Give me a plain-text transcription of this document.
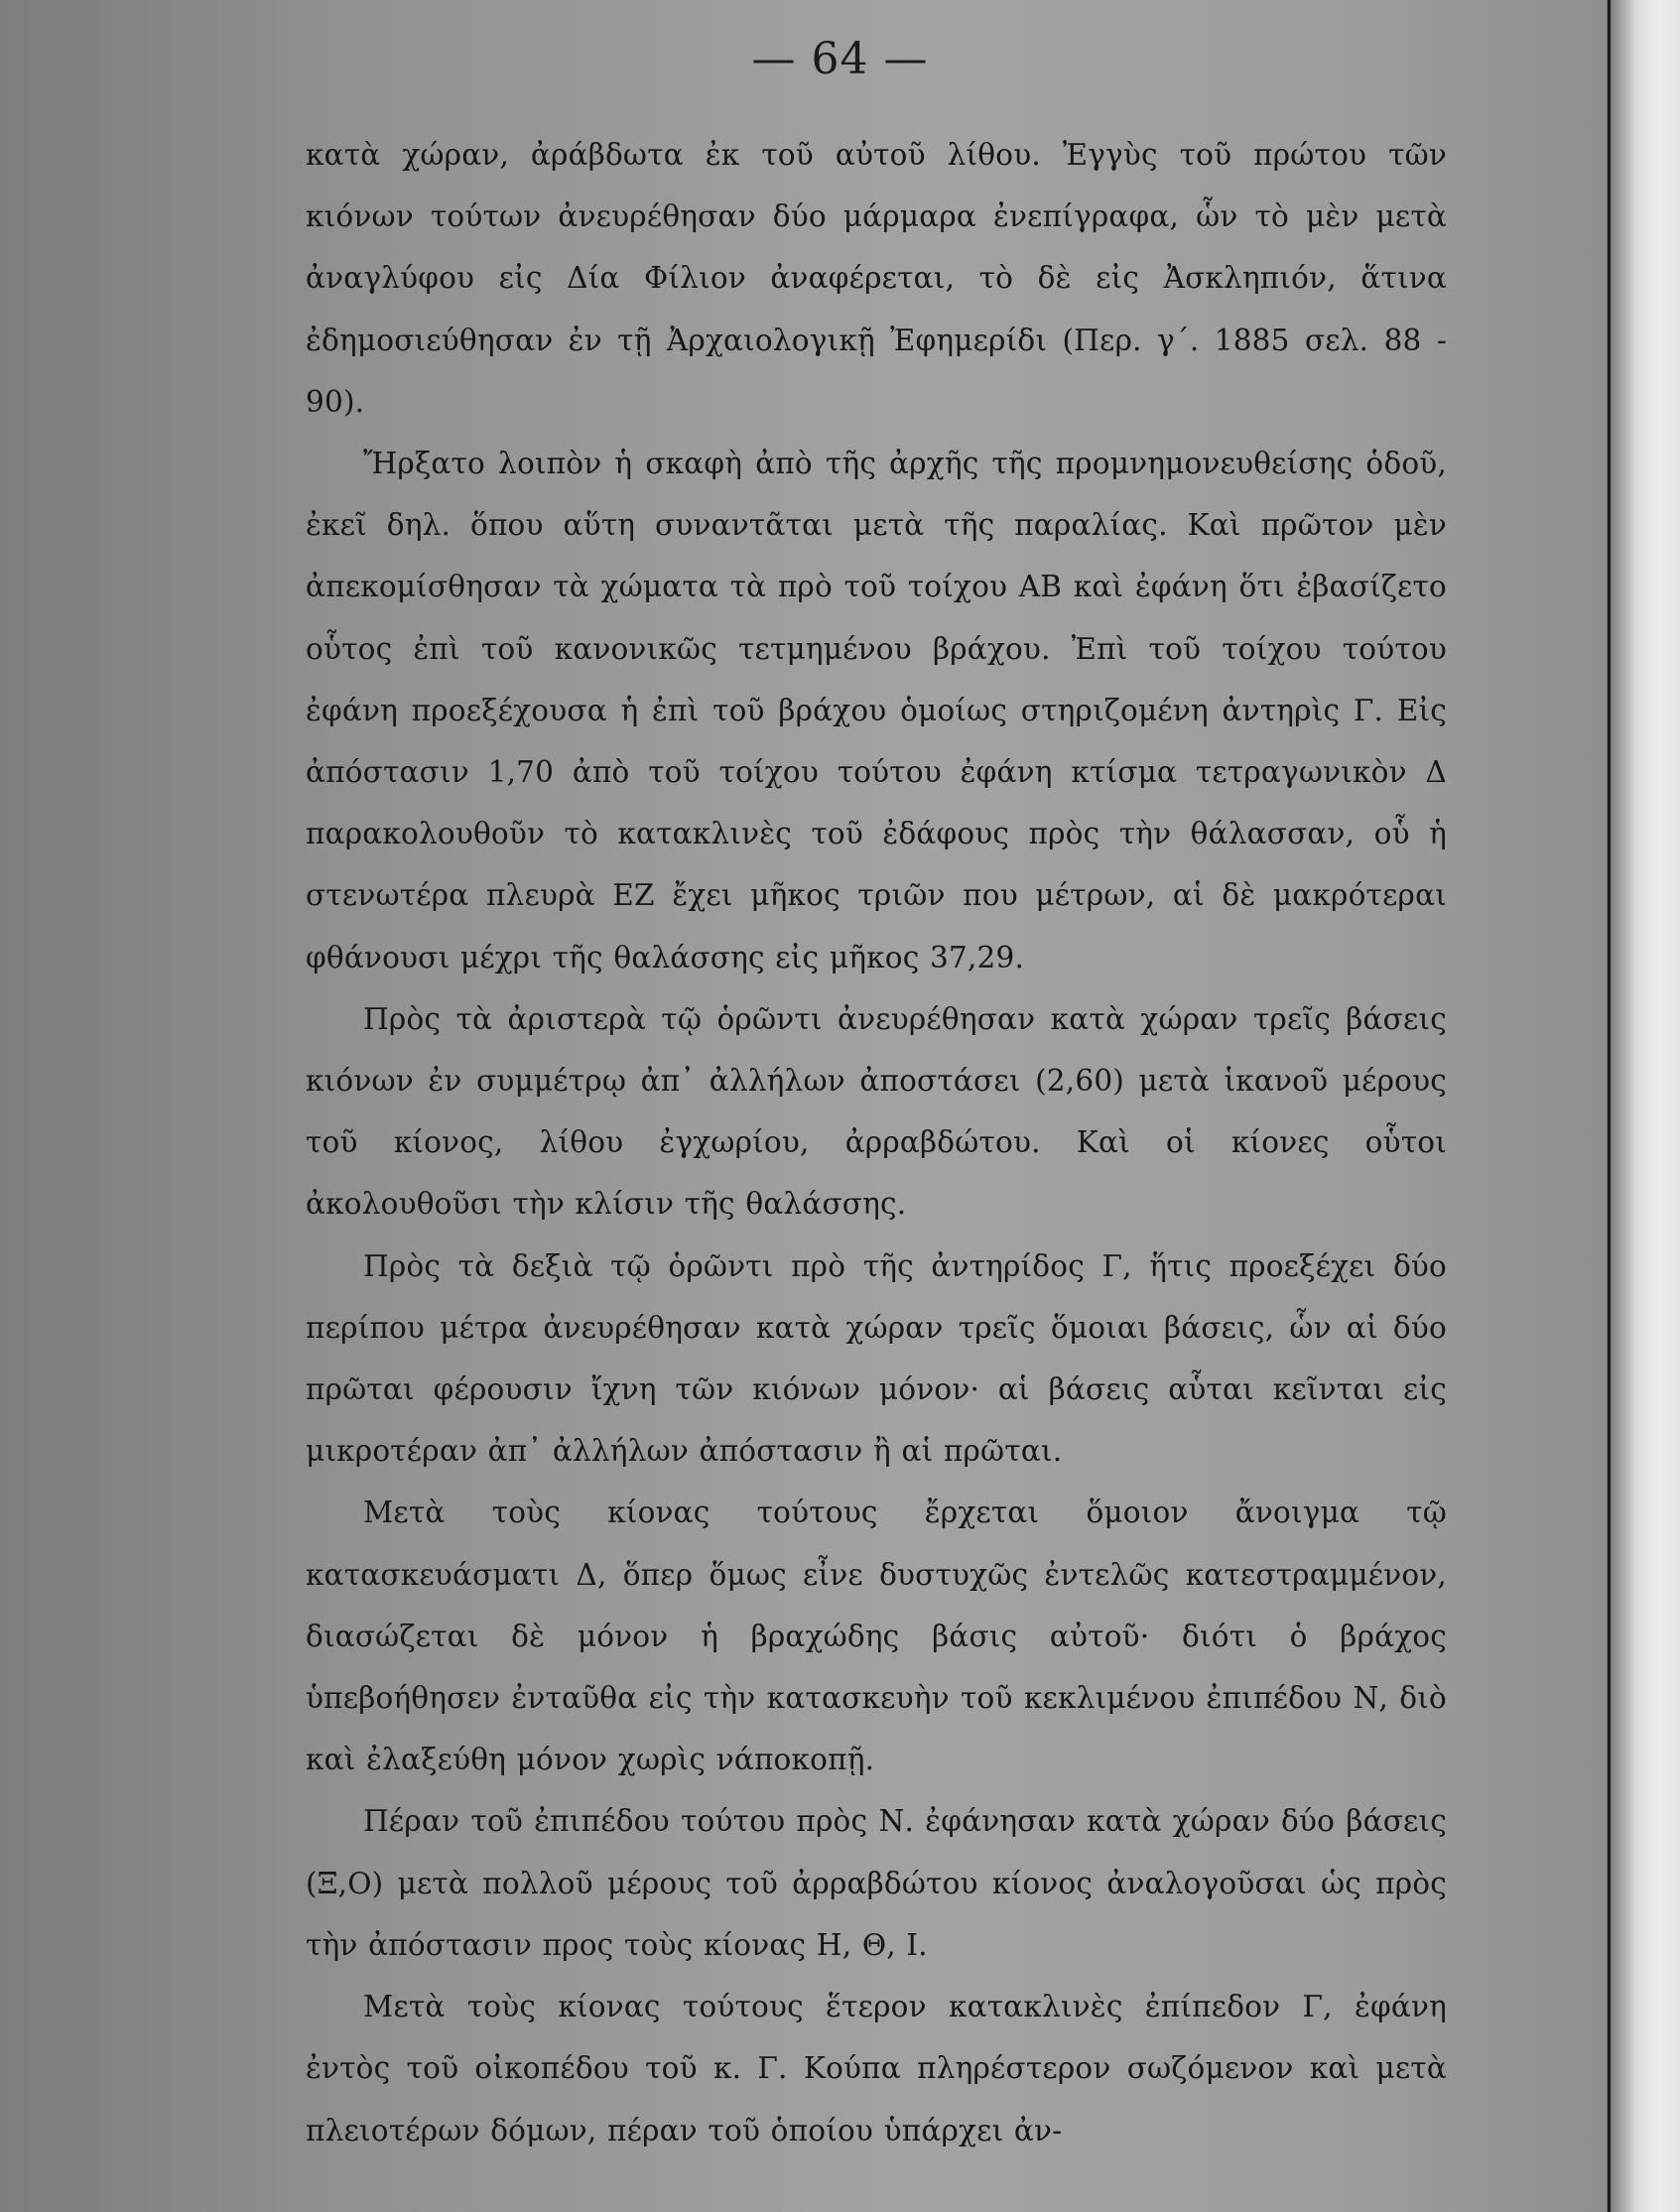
— 64 —

κατὰ χώραν, ἀράβδωτα ἐκ τοῦ αὐτοῦ λίθου. Ἐγγὺς τοῦ πρώτου τῶν κιόνων τούτων ἀνευρέθησαν δύο μάρμαρα ἐνεπίγραφα, ὧν τὸ μὲν μετὰ ἀναγλύφου εἰς Δία Φίλιον ἀναφέρεται, τὸ δὲ εἰς Ἀσκληπιόν, ἅτινα ἐδημοσιεύθησαν ἐν τῇ Ἀρχαιολογικῇ Ἐφημερίδι (Περ. γ΄. 1885 σελ. 88 - 90).

Ἤρξατο λοιπὸν ἡ σκαφὴ ἀπὸ τῆς ἀρχῆς τῆς προμνημονευθείσης ὁδοῦ, ἐκεῖ δηλ. ὅπου αὕτη συναντᾶται μετὰ τῆς παραλίας. Καὶ πρῶτον μὲν ἀπεκομίσθησαν τὰ χώματα τὰ πρὸ τοῦ τοίχου ΑΒ καὶ ἐφάνη ὅτι ἐβασίζετο οὗτος ἐπὶ τοῦ κανονικῶς τετμημένου βράχου. Ἐπὶ τοῦ τοίχου τούτου ἐφάνη προεξέχουσα ἡ ἐπὶ τοῦ βράχου ὁμοίως στηριζομένη ἀντηρὶς Γ. Εἰς ἀπόστασιν 1,70 ἀπὸ τοῦ τοίχου τούτου ἐφάνη κτίσμα τετραγωνικὸν Δ παρακολουθοῦν τὸ κατακλινὲς τοῦ ἐδάφους πρὸς τὴν θάλασσαν, οὗ ἡ στενωτέρα πλευρὰ ΕΖ ἔχει μῆκος τριῶν που μέτρων, αἱ δὲ μακρότεραι φθάνουσι μέχρι τῆς θαλάσσης εἰς μῆκος 37,29.

Πρὸς τὰ ἀριστερὰ τῷ ὁρῶντι ἀνευρέθησαν κατὰ χώραν τρεῖς βάσεις κιόνων ἐν συμμέτρῳ ἀπ᾽ ἀλλήλων ἀποστάσει (2,60) μετὰ ἱκανοῦ μέρους τοῦ κίονος, λίθου ἐγχωρίου, ἀρραβδώτου. Καὶ οἱ κίονες οὗτοι ἀκολουθοῦσι τὴν κλίσιν τῆς θαλάσσης.

Πρὸς τὰ δεξιὰ τῷ ὁρῶντι πρὸ τῆς ἀντηρίδος Γ, ἥτις προεξέχει δύο περίπου μέτρα ἀνευρέθησαν κατὰ χώραν τρεῖς ὅμοιαι βάσεις, ὧν αἱ δύο πρῶται φέρουσιν ἴχνη τῶν κιόνων μόνον· αἱ βάσεις αὗται κεῖνται εἰς μικροτέραν ἀπ᾽ ἀλλήλων ἀπόστασιν ἢ αἱ πρῶται.

Μετὰ τοὺς κίονας τούτους ἔρχεται ὅμοιον ἄνοιγμα τῷ κατασκευάσματι Δ, ὅπερ ὅμως εἶνε δυστυχῶς ἐντελῶς κατεστραμμένον, διασώζεται δὲ μόνον ἡ βραχώδης βάσις αὐτοῦ· διότι ὁ βράχος ὑπεβοήθησεν ἐνταῦθα εἰς τὴν κατασκευὴν τοῦ κεκλιμένου ἐπιπέδου Ν, διὸ καὶ ἐλαξεύθη μόνον χωρὶς νάποκοπῇ.

Πέραν τοῦ ἐπιπέδου τούτου πρὸς Ν. ἐφάνησαν κατὰ χώραν δύο βάσεις (Ξ,Ο) μετὰ πολλοῦ μέρους τοῦ ἀρραβδώτου κίονος ἀναλογοῦσαι ὡς πρὸς τὴν ἀπόστασιν προς τοὺς κίονας Η, Θ, Ι.

Μετὰ τοὺς κίονας τούτους ἕτερον κατακλινὲς ἐπίπεδον Γ, ἐφάνη ἐντὸς τοῦ οἰκοπέδου τοῦ κ. Γ. Κούπα πληρέστερον σωζόμενον καὶ μετὰ πλειοτέρων δόμων, πέραν τοῦ ὁποίου ὑπάρχει ἀν-
